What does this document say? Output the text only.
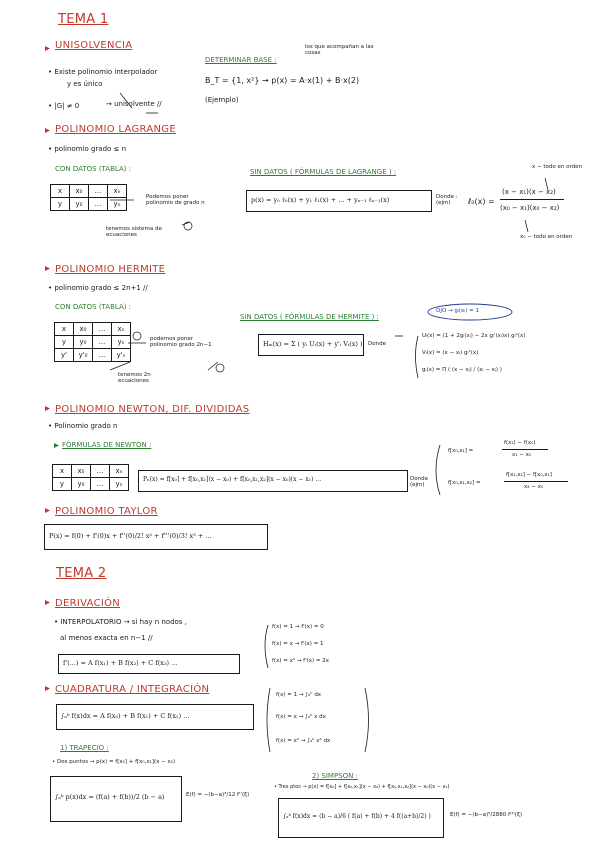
TEMA 1
UNISOLVENCIA
• Existe polinomio interpolador
y es único
• |G| ≠ 0	→ unisolvente //
DETERMINAR BASE :
los que acompañan a las cosas
B_T = {1, x²} → p(x) = A·x(1) + B·x(2)
(Ejemplo)
POLINOMIO LAGRANGE
• polinomio grado ≤ n
CON DATOS (TABLA) :
x	x₀	...	xₙ
y	y₀	...	yₙ
Podemos poner polinomio de grado n
tenemos sistema de ecuaciones
SIN DATOS ( FÓRMULAS DE LAGRANGE ) :
p(x) = y₀ ℓ₀(x) + y₁ ℓ₁(x) + ... + yₙ₋₁ ℓₙ₋₁(x)	Donde : (ejm)	ℓ₀(x) =
(x − x₁)(x − x₂)
(x₀ − x₁)(x₀ − x₂)
x − todo en orden
x₀ − todo en orden
POLINOMIO HERMITE
• polinomio grado ≤ 2n+1 //
CON DATOS (TABLA) :
x	x₀	...	xₙ
y	y₀	...	yₙ
y'	y'₀	...	y'ₙ
podemos poner polinomio grado 2n−1
tenemos 2n ecuaciones
SIN DATOS ( FÓRMULAS DE HERMITE ) :
OJO → gᵢ(xᵢ) = 1
Hₘ(x) = Σ ( yᵢ Uᵢ(x) + y'ᵢ Vᵢ(x) ) Donde
Uᵢ(x) = (1 + 2gᵢ(xᵢ) − 2x gᵢ'(xᵢ)x) gᵢ²(x)
Vᵢ(x) = (x − xᵢ) gᵢ²(x)
gᵢ(x) = Π ( (x − xⱼ) / (xᵢ − xⱼ) )
POLINOMIO NEWTON, DIF. DIVIDIDAS
• Polinomio grado n
FÓRMULAS DE NEWTON :
x	x₀	...	xₙ
y	y₀	...	yₙ
Pₙ(x) = f[x₀] + f[x₀,x₁](x − x₀) + f[x₀,x₁,x₂](x − x₀)(x − x₁) ...	Donde (ejm)
f[x₀,x₁] =
f(x₁) − f(x₀)
x₁ − x₀
f[x₀,x₁,x₂] =
f[x₁,x₂] − f[x₀,x₁]
x₂ − x₀
POLINOMIO TAYLOR
P(x) = f(0) + f'(0)x + f''(0)/2! x² + f'''(0)/3! x³ + ...
TEMA 2
DERIVACIÓN
• INTERPOLATORIO → si hay n nodos ,
al menos exacta en n−1 //
f'(...) ≈ A f(x₁) + B f(x₂) + C f(x₃) ...
f(x) = 1 → f'(x) = 0
f(x) = x → f'(x) = 1
f(x) = x² → f'(x) = 2x
CUADRATURA / INTEGRACIÓN
∫ₐᵇ f(x)dx ≈ A f(x₀) + B f(x₁) + C f(x₂) ...
f(x) = 1 → ∫ₐᵇ dx
f(x) = x → ∫ₐᵇ x dx
f(x) = x² → ∫ₐᵇ x² dx
1) TRAPECIO :
• Dos puntos → p(x) = f[x₀] + f[x₀,x₁](x − x₀)
∫ₐᵇ p(x)dx = (f(a) + f(b))/2 (b − a)	E(f) = −(b−a)³/12 f''(ξ)
2) SIMPSON :
• Tres ptos → p(x) = f[x₀] + f[x₀,x₁](x − x₀) + f[x₀,x₁,x₂](x − x₀)(x − x₁)
∫ₐᵇ f(x)dx = (b − a)/6 ( f(a) + f(b) + 4 f((a+b)/2) )	E(f) = −(b−a)⁵/2880 f⁽⁴⁾(ξ)
